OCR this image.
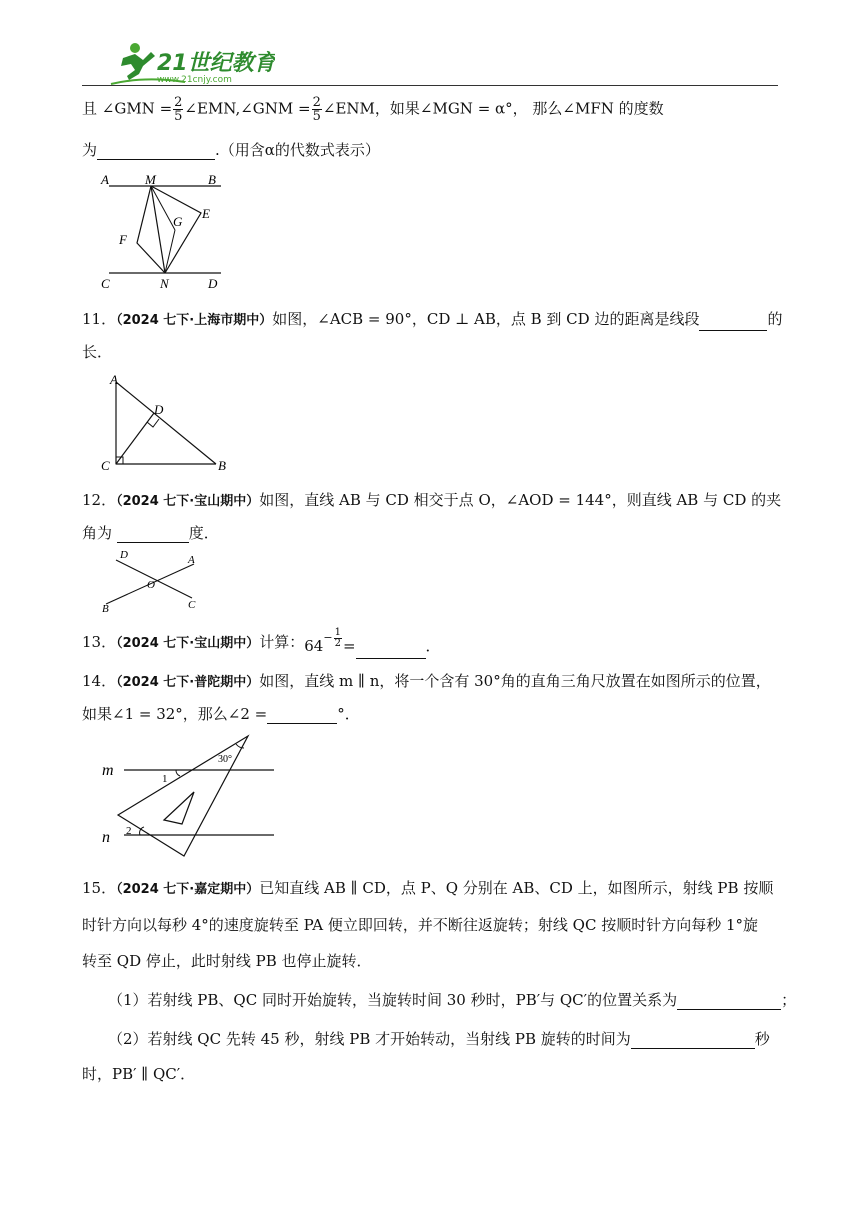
21世纪教育
www.21cnjy.com
且 ∠GMN = $\frac{2}{5}$ ∠EMN,∠GNM = $\frac{2}{5}$ ∠ENM，如果∠MGN = α°， 那么∠MFN 的度数
为	.（用含α的代数式表示）
A	M	B
G
E
F
C	N	D
11．（2024 七下·上海市期中）如图，∠ACB = 90°，CD ⊥ AB，点 B 到 CD 边的距离是线段	的
长．
A
D
C	B
12．（2024 七下·宝山期中）如图，直线 AB 与 CD 相交于点 O，∠AOD = 144°，则直线 AB 与 CD 的夹
角为	度．
D	A
O
B	C
13．（2024 七下·宝山期中）计算：$64^{- \frac{1}{2}}$ =	．
14．（2024 七下·普陀期中）如图，直线 m ∥ n，将一个含有 30°角的直角三角尺放置在如图所示的位置，
如果∠1 = 32°，那么∠2 =	°．
m
n
1
2
30°
15．（2024 七下·嘉定期中）已知直线 AB ∥ CD，点 P、Q 分别在 AB、CD 上，如图所示，射线 PB 按顺
时针方向以每秒 4°的速度旋转至 PA 便立即回转，并不断往返旋转；射线 QC 按顺时针方向每秒 1°旋
转至 QD 停止，此时射线 PB 也停止旋转．
（1）若射线 PB、QC 同时开始旋转，当旋转时间 30 秒时，PB′与 QC′的位置关系为	；
（2）若射线 QC 先转 45 秒，射线 PB 才开始转动，当射线 PB 旋转的时间为	秒
时，PB′ ∥ QC′．
